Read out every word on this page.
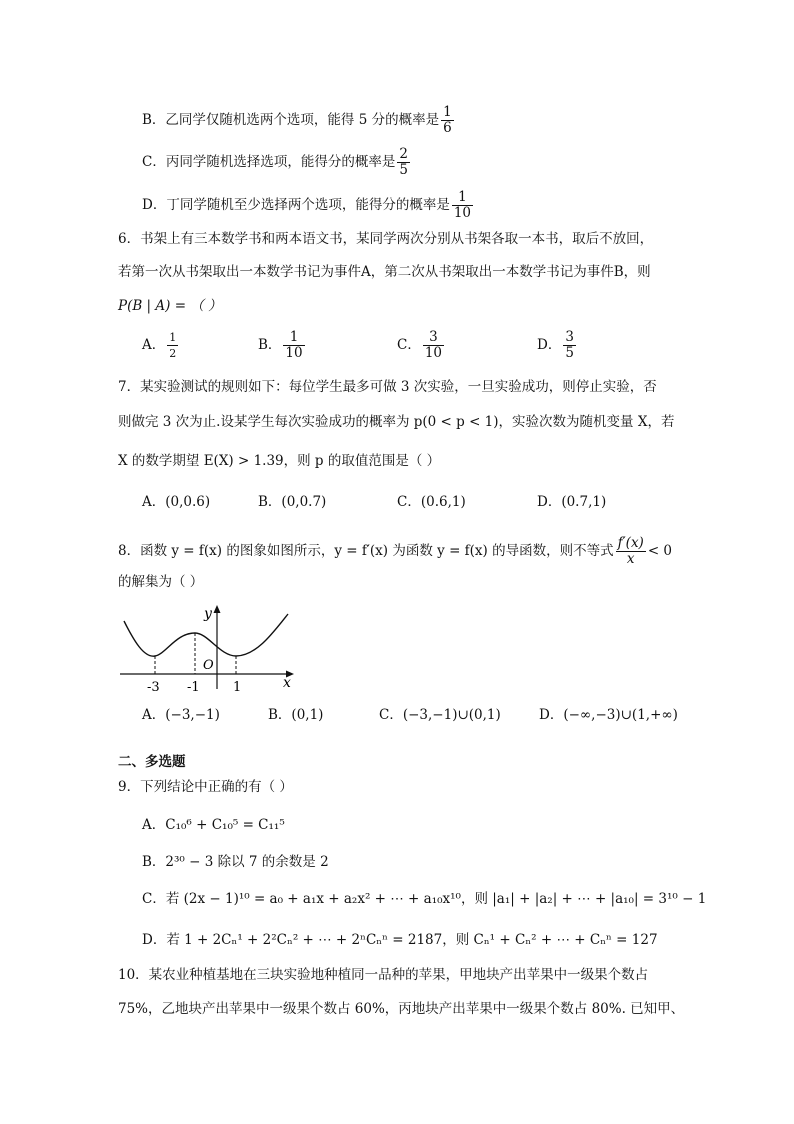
B．乙同学仅随机选两个选项，能得 5 分的概率是 $\frac{1}{6}$
C．丙同学随机选择选项，能得分的概率是 $\frac{2}{5}$
D．丁同学随机至少选择两个选项，能得分的概率是 $\frac{1}{10}$
6．书架上有三本数学书和两本语文书，某同学两次分别从书架各取一本书，取后不放回，
若第一次从书架取出一本数学书记为事件A，第二次从书架取出一本数学书记为事件B，则
P(B | A) = （ ）
A． $\frac{1}{2}$	B． $\frac{1}{10}$	C． $\frac{3}{10}$	D． $\frac{3}{5}$
7．某实验测试的规则如下：每位学生最多可做 3 次实验，一旦实验成功，则停止实验，否
则做完 3 次为止.设某学生每次实验成功的概率为 p(0 < p < 1)，实验次数为随机变量 X，若
X 的数学期望 E(X) > 1.39，则 p 的取值范围是（ ）
A．(0,0.6)	B．(0,0.7)	C．(0.6,1)	D．(0.7,1)
8．函数 y = f(x) 的图象如图所示，y = f′(x) 为函数 y = f(x) 的导函数，则不等式 $\frac{f'(x)}{x} < 0$
的解集为（ ）
y
x
O
-3 -1	1
A．(−3,−1)	B．(0,1)	C．(−3,−1)∪(0,1)	D．(−∞,−3)∪(1,+∞)
二、多选题
9．下列结论中正确的有（ ）
A．C₁₀⁶ + C₁₀⁵ = C₁₁⁵
B．2³⁰ − 3 除以 7 的余数是 2
C．若 (2x − 1)¹⁰ = a₀ + a₁x + a₂x² + ⋯ + a₁₀x¹⁰，则 |a₁| + |a₂| + ⋯ + |a₁₀| = 3¹⁰ − 1
D．若 1 + 2Cₙ¹ + 2²Cₙ² + ⋯ + 2ⁿCₙⁿ = 2187，则 Cₙ¹ + Cₙ² + ⋯ + Cₙⁿ = 127
10．某农业种植基地在三块实验地种植同一品种的苹果，甲地块产出苹果中一级果个数占
75%，乙地块产出苹果中一级果个数占 60%，丙地块产出苹果中一级果个数占 80%. 已知甲、
